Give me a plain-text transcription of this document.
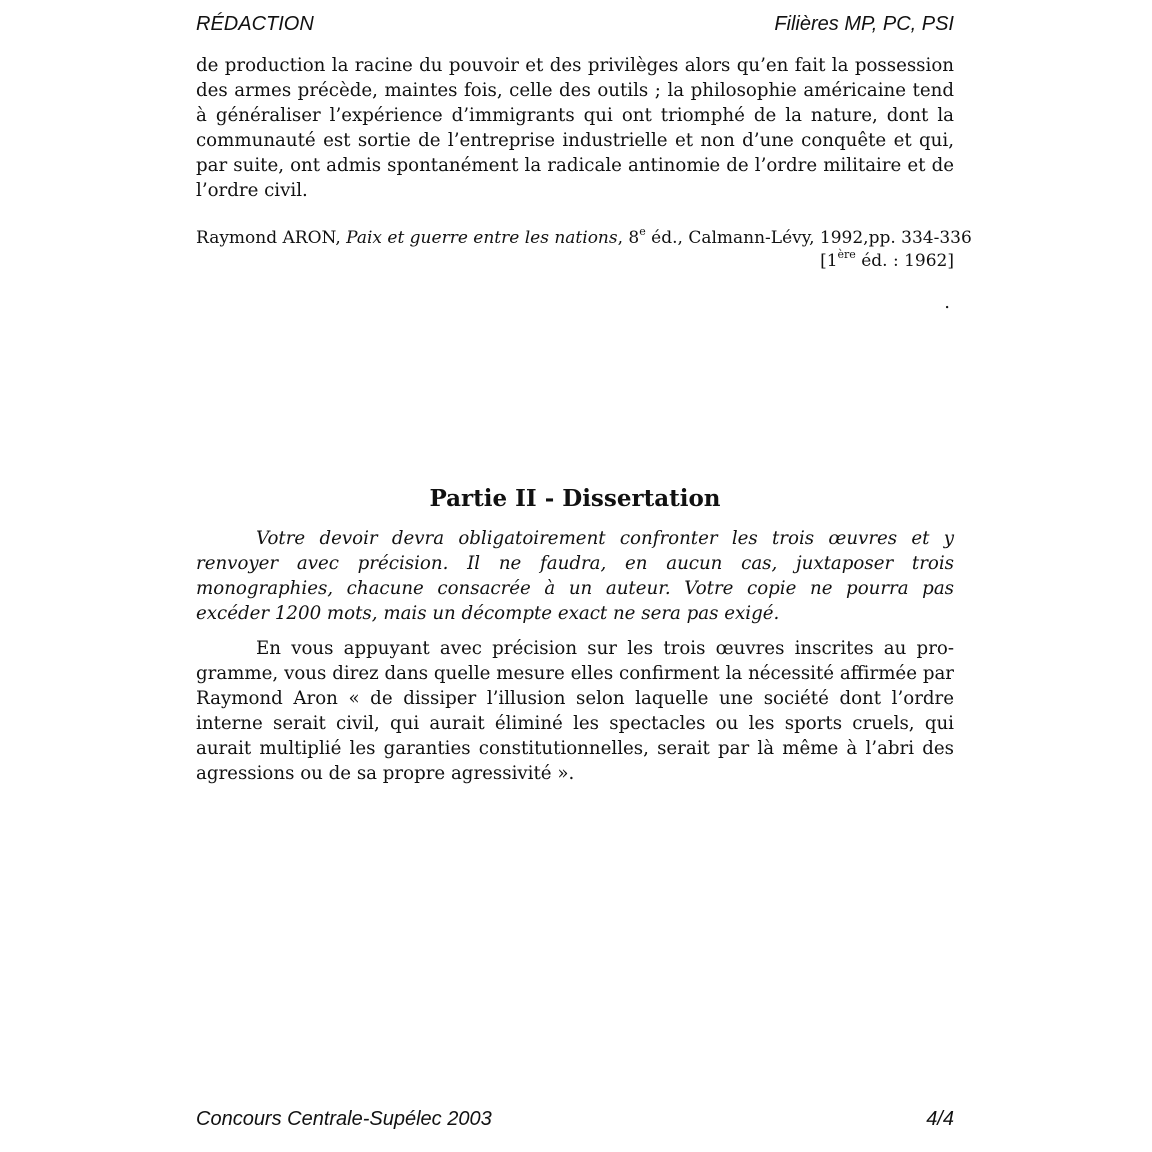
RÉDACTION	Filières MP, PC, PSI

de production la racine du pouvoir et des privilèges alors qu’en fait la possession des armes précède, maintes fois, celle des outils ; la philosophie américaine tend à généraliser l’expérience d’immigrants qui ont triomphé de la nature, dont la communauté est sortie de l’entreprise industrielle et non d’une conquête et qui, par suite, ont admis spontanément la radicale antinomie de l’ordre militaire et de l’ordre civil.

Raymond ARON, Paix et guerre entre les nations, 8e éd., Calmann-Lévy, 1992, pp. 334-336
[1ère éd. : 1962]
.
Partie II - Dissertation

Votre devoir devra obligatoirement confronter les trois œuvres et y renvoyer avec précision. Il ne faudra, en aucun cas, juxtaposer trois monographies, chacune consacrée à un auteur. Votre copie ne pourra pas excéder 1200 mots, mais un décompte exact ne sera pas exigé.

En vous appuyant avec précision sur les trois œuvres inscrites au programme, vous direz dans quelle mesure elles confirment la nécessité affirmée par Raymond Aron « de dissiper l’illusion selon laquelle une société dont l’ordre interne serait civil, qui aurait éliminé les spectacles ou les sports cruels, qui aurait multiplié les garanties constitutionnelles, serait par là même à l’abri des agressions ou de sa propre agressivité ».

Concours Centrale-Supélec 2003	4/4
